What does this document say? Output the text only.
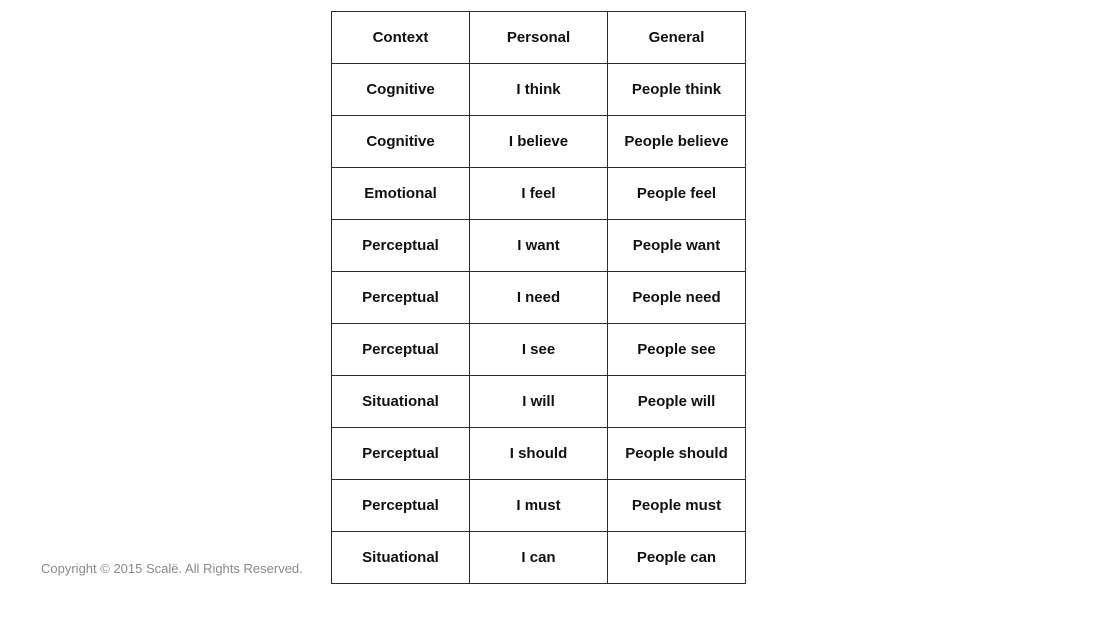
Context	Personal	General
Cognitive	I think	People think
Cognitive	I believe	People believe
Emotional	I feel	People feel
Perceptual	I want	People want
Perceptual	I need	People need
Perceptual	I see	People see
Situational	I will	People will
Perceptual	I should	People should
Perceptual	I must	People must
Situational	I can	People can
Copyright © 2015 Scalë. All Rights Reserved.
